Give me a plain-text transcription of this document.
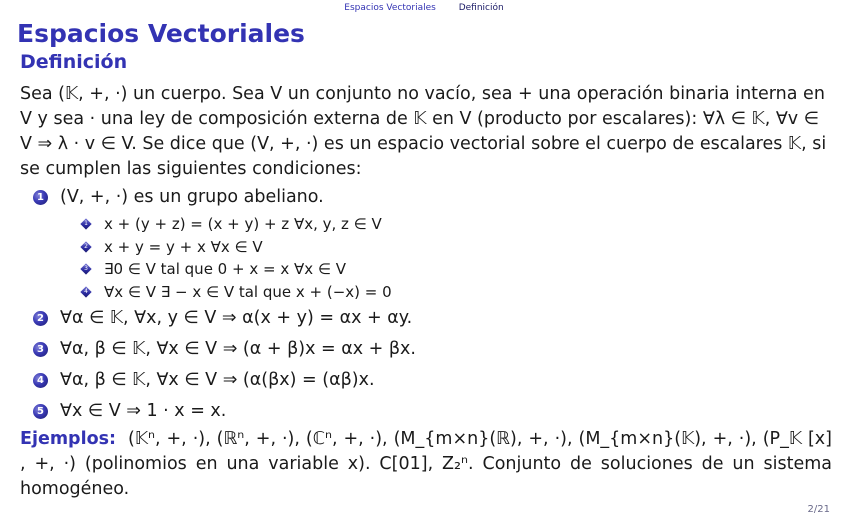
Espacios Vectoriales	Definición
Espacios Vectoriales
Definición

Sea (𝕂, +, ·) un cuerpo. Sea V un conjunto no vacío, sea + una operación binaria interna en V y sea · una ley de composición externa de 𝕂 en V (producto por escalares): ∀λ ∈ 𝕂, ∀v ∈ V ⇒ λ · v ∈ V. Se dice que (V, +, ·) es un espacio vectorial sobre el cuerpo de escalares 𝕂, si se cumplen las siguientes condiciones:

1 (V, +, ·) es un grupo abeliano.
1 x + (y + z) = (x + y) + z ∀x, y, z ∈ V
2 x + y = y + x ∀x ∈ V
3 ∃0 ∈ V tal que 0 + x = x ∀x ∈ V
4 ∀x ∈ V ∃ − x ∈ V tal que x + (−x) = 0
2 ∀α ∈ 𝕂, ∀x, y ∈ V ⇒ α(x + y) = αx + αy.
3 ∀α, β ∈ 𝕂, ∀x ∈ V ⇒ (α + β)x = αx + βx.
4 ∀α, β ∈ 𝕂, ∀x ∈ V ⇒ (α(βx) = (αβ)x.
5 ∀x ∈ V ⇒ 1 · x = x.

Ejemplos: (𝕂ⁿ, +, ·), (ℝⁿ, +, ·), (ℂⁿ, +, ·), (M_{m×n}(ℝ), +, ·), (M_{m×n}(𝕂), +, ·), (P_𝕂 [x] , +, ·) (polinomios en una variable x). C[01], Z₂ⁿ. Conjunto de soluciones de un sistema homogéneo.

2/21
